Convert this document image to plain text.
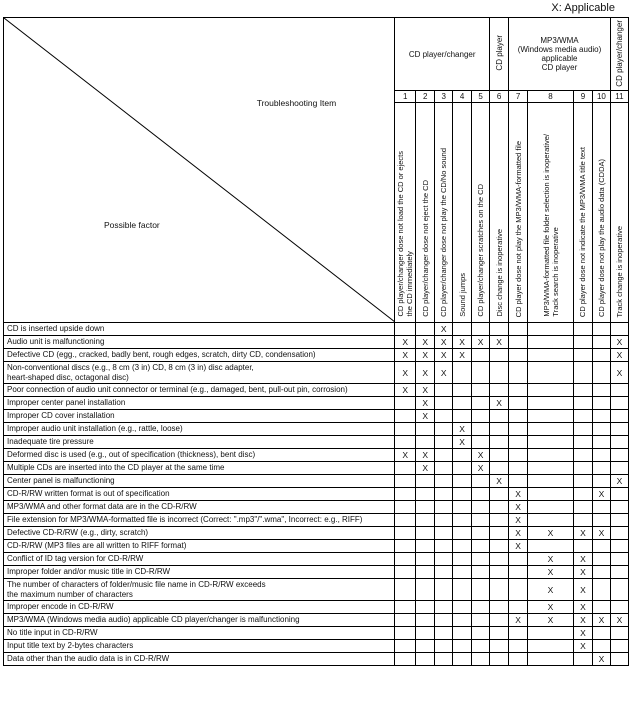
X: Applicable
Troubleshooting Item
Possible factor	CD player/changer					CD player	MP3/WMA
(Windows media audio)
applicable
CD player				CD player/changer
	1	2	3	4	5	6	7	8	9	10	11
	CD player/changer dose not load the CD or ejects
the CD immediately	CD player/changer dose not eject the CD	CD player/changer dose not play the CD/No sound	Sound jumps	CD player/changer scratches on the CD	Disc change is inoperative	CD player dose not play the MP3/WMA-formatted file	MP3/WMA-formatted file folder selection is inoperative/
Track search is inoperative	CD player dose not indicate the MP3/WMA title text	CD player dose not play the audio data (CDDA)	Track change is inoperative
CD is inserted upside down			X								
Audio unit is malfunctioning	X	X	X	X	X	X					X
Defective CD (egg., cracked, badly bent, rough edges, scratch, dirty CD, condensation)	X	X	X	X							X
Non-conventional discs (e.g., 8 cm (3 in) CD, 8 cm (3 in) disc adapter,
heart-shaped disc, octagonal disc)	X	X	X								X
Poor connection of audio unit connector or terminal (e.g., damaged, bent, pull-out pin, corrosion)	X	X									
Improper center panel installation		X				X					
Improper CD cover installation		X									
Improper audio unit installation (e.g., rattle, loose)				X							
Inadequate tire pressure				X							
Deformed disc is used (e.g., out of specification (thickness), bent disc)	X	X			X						
Multiple CDs are inserted into the CD player at the same time		X			X						
Center panel is malfunctioning						X					X
CD-R/RW written format is out of specification							X			X	
MP3/WMA and other format data are in the CD-R/RW							X				
File extension for MP3/WMA-formatted file is incorrect (Correct: ".mp3"/".wma", Incorrect: e.g., RIFF)							X				
Defective CD-R/RW (e.g., dirty, scratch)							X	X	X	X	
CD-R/RW (MP3 files are all written to RIFF format)							X				
Conflict of ID tag version for CD-R/RW								X	X		
Improper folder and/or music title in CD-R/RW								X	X		
The number of characters of folder/music file name in CD-R/RW exceeds
the maximum number of characters								X	X		
Improper encode in CD-R/RW								X	X		
MP3/WMA (Windows media audio) applicable CD player/changer is malfunctioning							X	X	X	X	X
No title input in CD-R/RW									X		
Input title text by 2-bytes characters									X		
Data other than the audio data is in CD-R/RW										X	
